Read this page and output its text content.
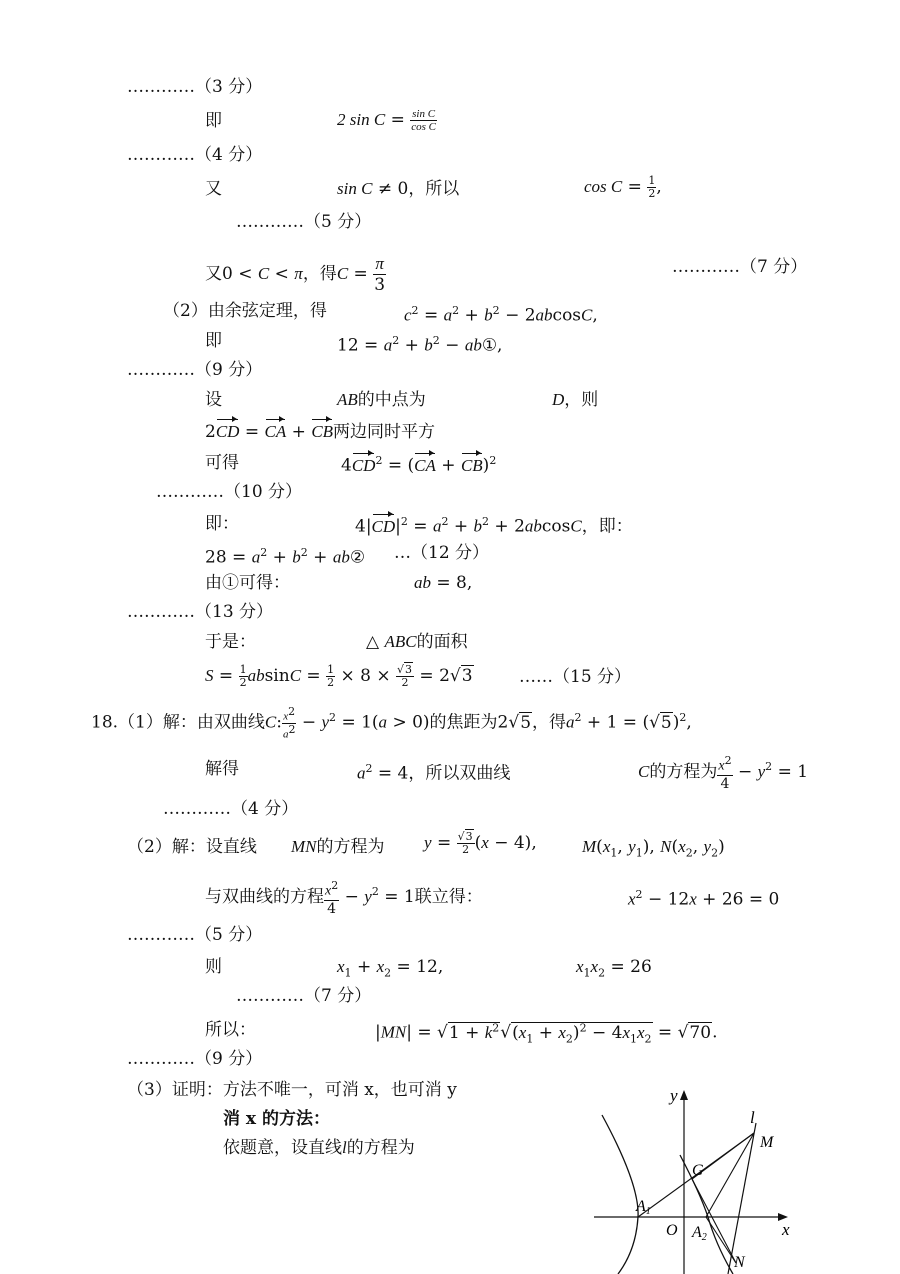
…………（3 分）
即	2 $\sin C = \frac{\text{sin C}}{\text{cos C}}$
…………（4 分）
又	sin C ≠ 0，所以	$\cos C = \frac{1}{2}$ ,
…………（5 分）
又0 < C < π，得$C = \frac{\pi}{3}$	…………（7 分）
（2）由余弦定理，得	$c^2 = a^2 + b^2 - 2abcosC$,
即	$12 = a^2 + b^2$ − ab①,
…………（9 分）
设	AB的中点为	D，则
2CD = CA + CB两边同时平方
可得	$4CD^2 = (CA + CB)^2$
…………（10 分）
即：	$4|CD|^2 = a^2 + b^2 + 2abcosC$，即：
$28 = a^2 + b^2$ + ab② …（12 分）
由①可得：	ab = 8,
…………（13 分）
于是：	△ ABC的面积
$S = \frac{1}{2}$ $absinC = \frac{1}{2} \times 8 \times \frac{√3}{2} = 2√3$	……（15 分）
18.（1）解：由双曲线C: $\frac{x^2}{a^2} - y^2 = 1(a > 0)$的焦距为2√5，得$a^2 + 1 = (√5)^2$,
解得	$a^2 = 4$，所以双曲线	C的方程为 $\frac{x^2}{4} - y^2 = 1$
…………（4 分）
（2）解：设直线 MN的方程为 $y = \frac{√3}{2} (x - 4)$,	$M(x_1$, $y_1$), $N(x_2$, $y_2$)
与双曲线的方程 $\frac{x^2}{4} - y^2 = 1$联立得：	$x^2 - 12x + 26 = 0$
…………（5 分）
则	$x_1 + x_2 = 12$,	$x_1x_2 = 26$
…………（7 分）
所以：	$|MN| = √1 + k^2√(x_1 + x_2)^2 - 4x_1x_2 = √70$.
…………（9 分）
（3）证明：方法不唯一，可消 x，也可消 y
消 x 的方法：
依题意，设直线l的方程为
y
x
l
M
G
A1
O A2
N
